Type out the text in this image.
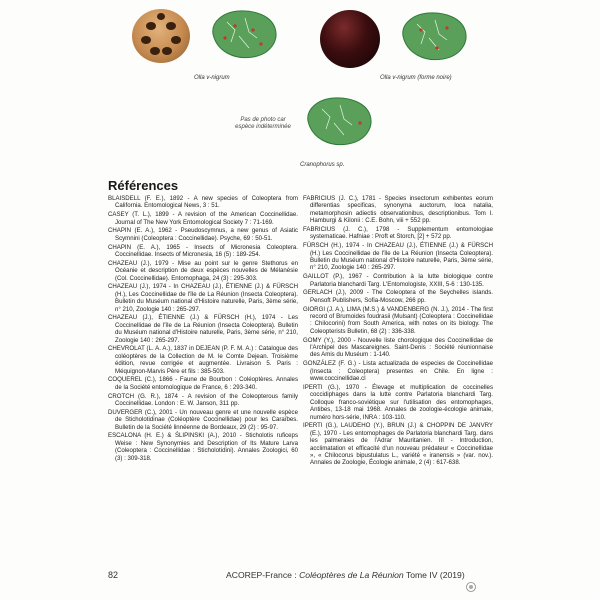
Olla v-nigrum	Olla v-nigrum (forme noire)
Pas de photo car
espèce indéterminée
Cranophorus sp.
Références

BLAISDELL (F. E.), 1892 - A new species of Coleoptera from California. Entomological News, 3 : 51.

CASEY (T. L.), 1899 - A revision of the American Coccinellidae. Journal of The New York Entomological Society 7 : 71-169.

CHAPIN (E. A.), 1962 - Pseudoscymnus, a new genus of Asiatic Scymnini (Coleoptera : Coccinellidae). Psyche, 69 : 50-51.

CHAPIN (E. A.), 1965 - Insects of Micronesia Coleoptera. Coccinellidae. Insects of Micronesia, 16 (5) : 189-254.

CHAZEAU (J.), 1979 - Mise au point sur le genre Stethorus en Océanie et description de deux espèces nouvelles de Mélanésie (Col. Coccinellidae). Entomophaga, 24 (3) : 295-303.

CHAZEAU (J.), 1974 - In CHAZEAU (J.), ÉTIENNE (J.) & FÜRSCH (H.), Les Coccinellidae de l'île de La Réunion (Insecta Coleoptera). Bulletin du Muséum national d'Histoire naturelle, Paris, 3ème série, n° 210, Zoologie 140 : 265-297.

CHAZEAU (J.), ÉTIENNE (J.) & FÜRSCH (H.), 1974 - Les Coccinellidae de l'île de La Réunion (Insecta Coleoptera). Bulletin du Muséum national d'Histoire naturelle, Paris, 3ème série, n° 210, Zoologie 140 : 265-297.

CHEVROLAT (L. A. A.), 1837 in DEJEAN (P. F. M. A.) : Catalogue des coléoptères de la Collection de M. le Comte Dejean. Troisième édition, revue corrigée et augmentée. Livraison 5. Paris : Méquignon-Marvis Père et fils : 385-503.

COQUEREL (C.), 1866 - Faune de Bourbon : Coléoptères. Annales de la Société entomologique de France, 6 : 293-340.

CROTCH (G. R.), 1874 - A revision of the Coleopterous family Coccinellidae. London : E. W. Janson, 311 pp.

DUVERGER (C.), 2001 - Un nouveau genre et une nouvelle espèce de Sticholotidinae (Coléoptère Coccinellidae) pour les Caraïbes. Bulletin de la Société linnéenne de Bordeaux, 29 (2) : 95-97.

ESCALONA (H. E.) & ŚLIPINSKI (A.), 2010 - Sticholotis ruficeps Weise : New Synonymies and Description of Its Mature Larva (Coleoptera : Coccinellidae : Sticholotidini). Annales Zoologici, 60 (3) : 309-318.

FABRICIUS (J. C.), 1781 - Species insectorum exhibentes eorum differentias specificas, synonyma auctorum, loca natalia, metamorphosin adiectis observationibus, descriptionibus. Tom I. Hamburgi & Kilonii : C.E. Bohn, viii + 552 pp.

FABRICIUS (J. C.), 1798 - Supplementum entomologiae systematicae. Hafniae : Proft et Storch, [2] + 572 pp.

FÜRSCH (H.), 1974 - In CHAZEAU (J.), ÉTIENNE (J.) & FÜRSCH (H.) Les Coccinellidae de l'île de La Réunion (Insecta Coleoptera). Bulletin du Muséum national d'Histoire naturelle, Paris, 3ème série, n° 210, Zoologie 140 : 265-297.

GAILLOT (P.), 1967 - Contribution à la lutte biologique contre Parlatoria blanchardi Targ. L'Entomologiste, XXIII, 5-6 : 130-135.

GERLACH (J.), 2009 - The Coleoptera of the Seychelles islands. Pensoft Publishers, Sofia-Moscow, 266 pp.

GIORGI (J. A.), LIMA (M.S.) & VANDENBERG (N. J.), 2014 - The first record of Brumoides foudrasii (Mulsant) (Coleoptera : Coccinellidae : Chilocorini) from South America, with notes on its biology. The Coleopterists Bulletin, 68 (2) : 336-338.

GOMY (Y.), 2000 - Nouvelle liste chorologique des Coccinellidae de l'Archipel des Mascareignes. Saint-Denis : Société réunionnaise des Amis du Muséum : 1-140.

GONZÁLEZ (F. G.) - Lista actualizada de especies de Coccinellidae (Insecta : Coleoptera) presentes en Chile. En ligne : www.coccinellidae.cl

IPERTI (G.), 1970 - Élevage et multiplication de coccinelles coccidiphages dans la lutte contre Parlatoria blanchardi Targ. Colloque franco-soviétique sur l'utilisation des entomophages, Antibes, 13-18 mai 1968. Annales de zoologie-écologie animale, numéro hors-série, INRA : 103-110.

IPERTI (G.), LAUDEHO (Y.), BRUN (J.) & CHOPPIN DE JANVRY (E.), 1970 - Les entomophages de Parlatoria blanchardi Targ. dans les palmeraies de l'Adrar Mauritanien. III - Introduction, acclimatation et efficacité d'un nouveau prédateur « Coccinellidae », « Chilocorus bipustulatus L., variété « iranensis » (var. nov.). Annales de Zoologie, Écologie animale, 2 (4) : 617-638.

82	ACOREP-France : Coléoptères de La Réunion Tome IV (2019)
